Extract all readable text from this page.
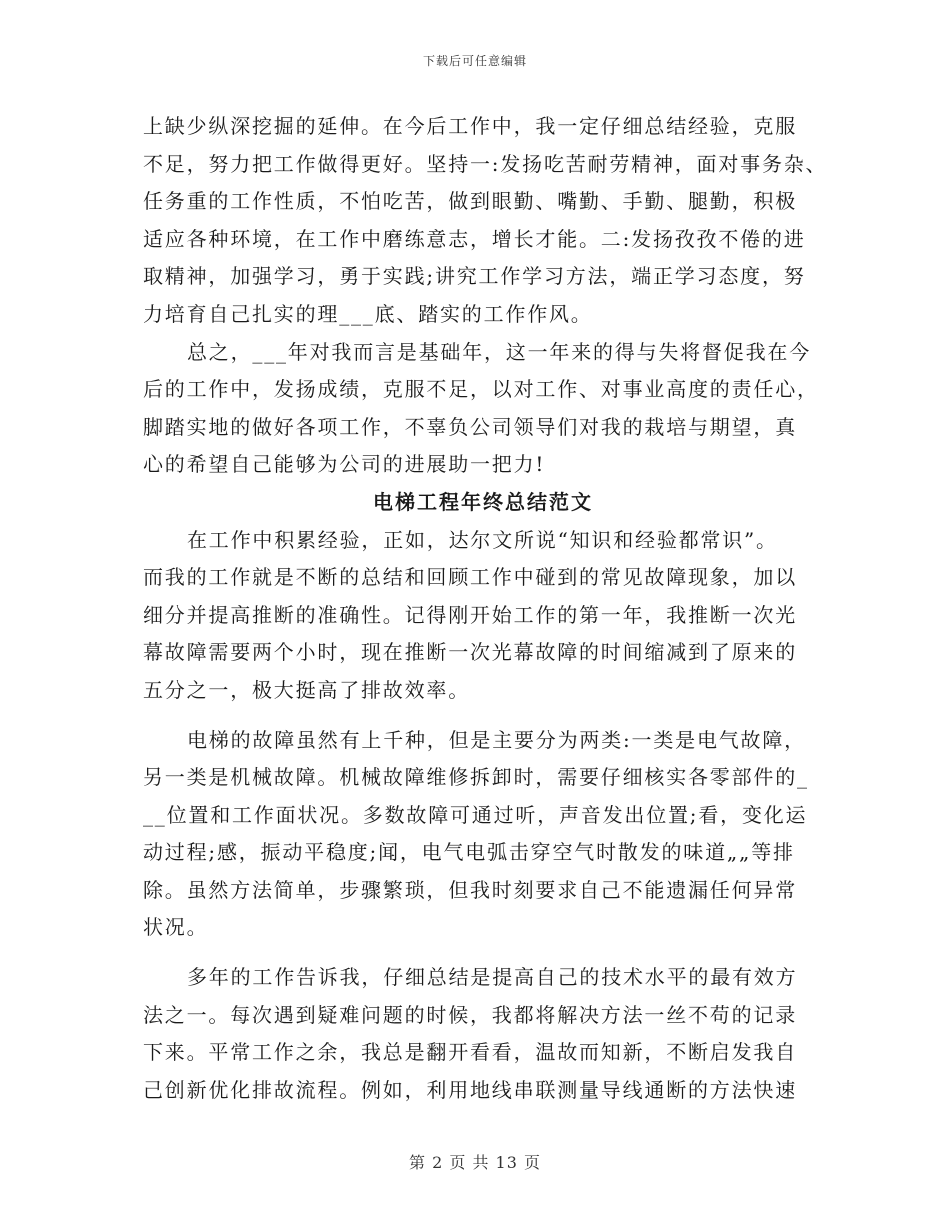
下载后可任意编辑
上缺少纵深挖掘的延伸。在今后工作中，我一定仔细总结经验，克服
不足，努力把工作做得更好。坚持一:发扬吃苦耐劳精神，面对事务杂、
任务重的工作性质，不怕吃苦，做到眼勤、嘴勤、手勤、腿勤，积极
适应各种环境，在工作中磨练意志，增长才能。二:发扬孜孜不倦的进
取精神，加强学习，勇于实践;讲究工作学习方法，端正学习态度，努
力培育自己扎实的理___底、踏实的工作作风。
总之，___年对我而言是基础年，这一年来的得与失将督促我在今
后的工作中，发扬成绩，克服不足，以对工作、对事业高度的责任心，
脚踏实地的做好各项工作，不辜负公司领导们对我的栽培与期望，真
心的希望自己能够为公司的进展助一把力!
电梯工程年终总结范文
在工作中积累经验，正如，达尔文所说“知识和经验都常识”。
而我的工作就是不断的总结和回顾工作中碰到的常见故障现象，加以
细分并提高推断的准确性。记得刚开始工作的第一年，我推断一次光
幕故障需要两个小时，现在推断一次光幕故障的时间缩减到了原来的
五分之一，极大挺高了排故效率。
电梯的故障虽然有上千种，但是主要分为两类:一类是电气故障，
另一类是机械故障。机械故障维修拆卸时，需要仔细核实各零部件的_
__位置和工作面状况。多数故障可通过听，声音发出位置;看，变化运
动过程;感，振动平稳度;闻，电气电弧击穿空气时散发的味道„„等排
除。虽然方法简单，步骤繁琐，但我时刻要求自己不能遗漏任何异常
状况。
多年的工作告诉我，仔细总结是提高自己的技术水平的最有效方
法之一。每次遇到疑难问题的时候，我都将解决方法一丝不苟的记录
下来。平常工作之余，我总是翻开看看，温故而知新，不断启发我自
己创新优化排故流程。例如，利用地线串联测量导线通断的方法快速
第 2 页 共 13 页
